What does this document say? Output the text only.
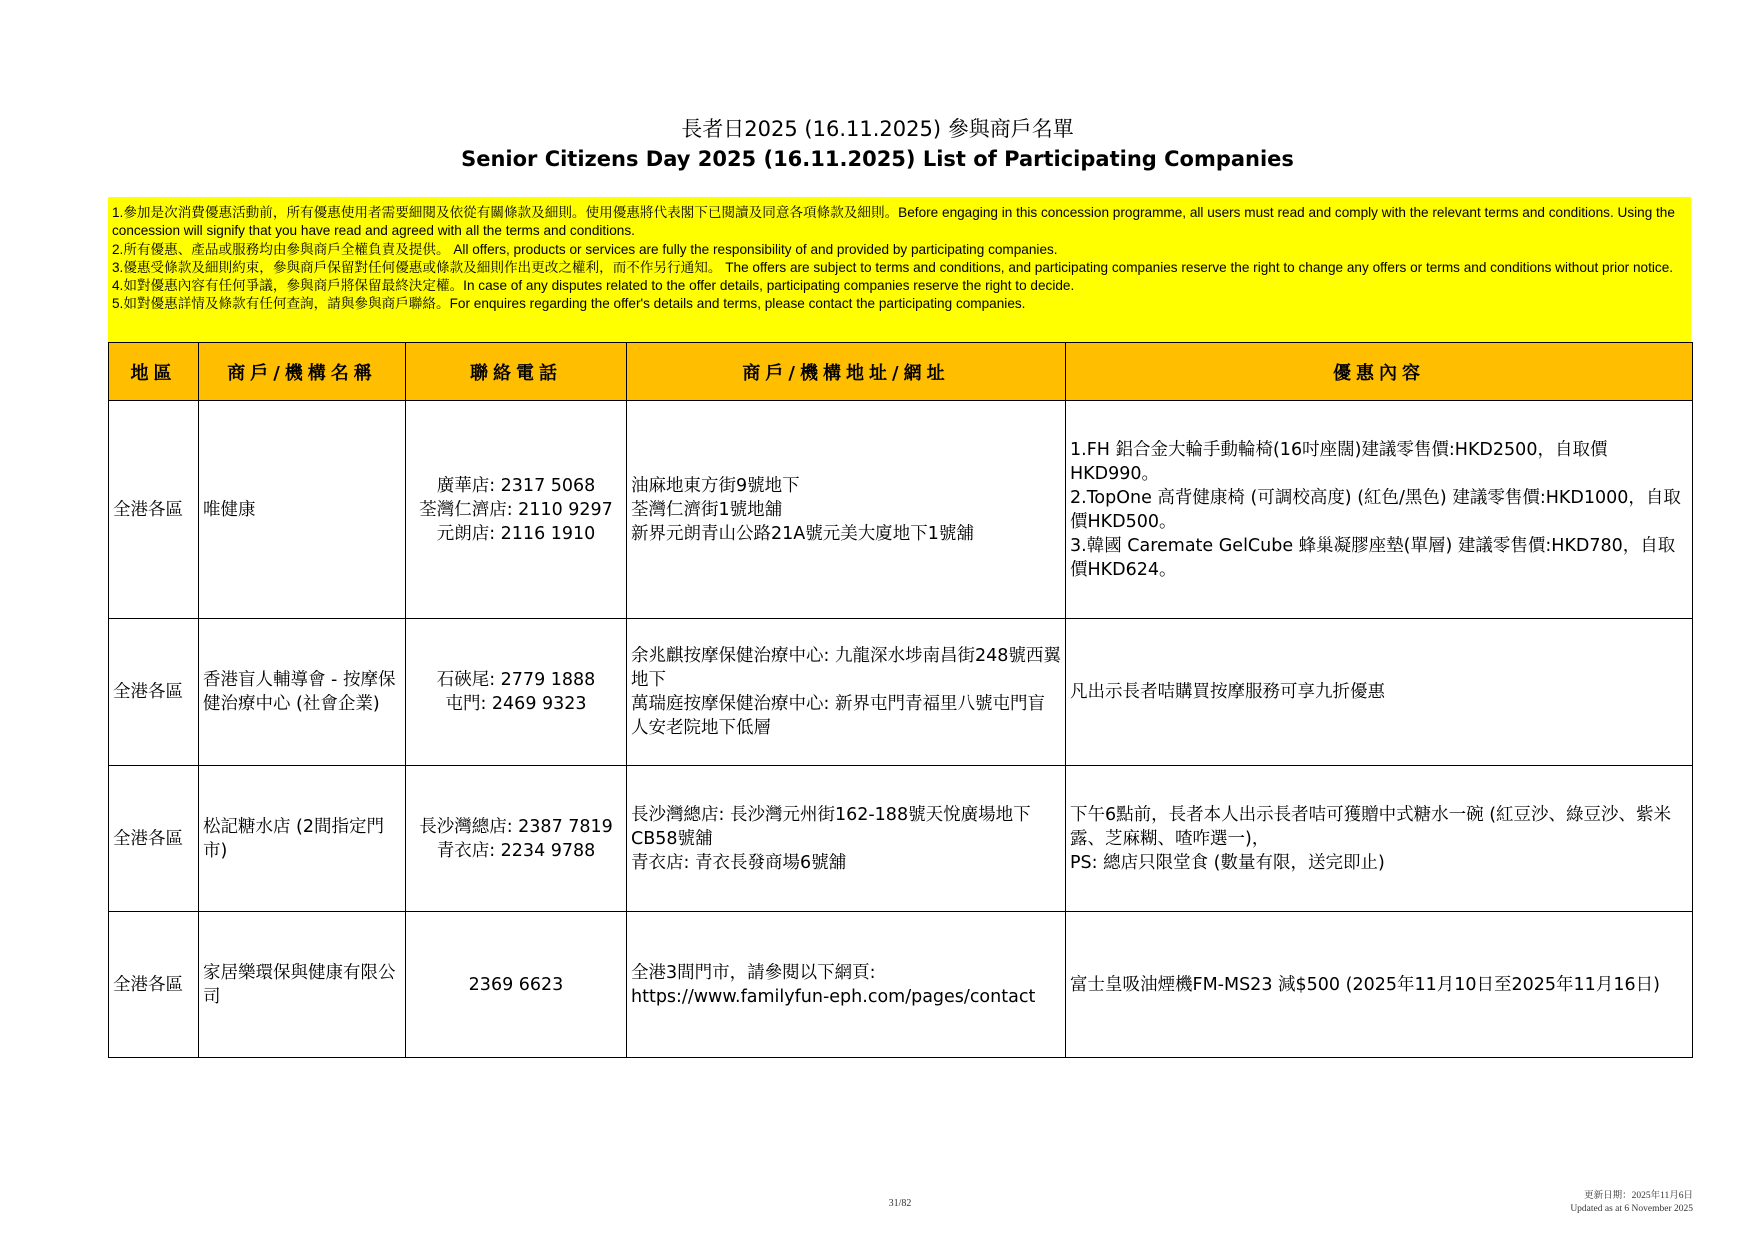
長者日2025 (16.11.2025) 參與商戶名單
Senior Citizens Day 2025 (16.11.2025) List of Participating Companies
1.參加是次消費優惠活動前，所有優惠使用者需要細閱及依從有關條款及細則。使用優惠將代表閣下已閱讀及同意各項條款及細則。Before engaging in this concession programme, all users must read and comply with the relevant terms and conditions. Using the concession will signify that you have read and agreed with all the terms and conditions.
2.所有優惠、產品或服務均由參與商戶全權負責及提供。 All offers, products or services are fully the responsibility of and provided by participating companies.
3.優惠受條款及細則約束，參與商戶保留對任何優惠或條款及細則作出更改之權利，而不作另行通知。 The offers are subject to terms and conditions, and participating companies reserve the right to change any offers or terms and conditions without prior notice.
4.如對優惠內容有任何爭議，參與商戶將保留最終決定權。In case of any disputes related to the offer details, participating companies reserve the right to decide.
5.如對優惠詳情及條款有任何查詢，請與參與商戶聯絡。For enquires regarding the offer's details and terms, please contact the participating companies.
地區	商戶/機構名稱	聯絡電話	商戶/機構地址/網址	優惠內容
全港各區	唯健康	廣華店: 2317 5068
荃灣仁濟店: 2110 9297
元朗店: 2116 1910	油麻地東方街9號地下
荃灣仁濟街1號地舖
新界元朗青山公路21A號元美大廈地下1號舖	1.FH 鋁合金大輪手動輪椅(16吋座闊)建議零售價:HKD2500，自取價HKD990。
2.TopOne 高背健康椅 (可調校高度) (紅色/黑色) 建議零售價:HKD1000，自取價HKD500。
3.韓國 Caremate GelCube 蜂巢凝膠座墊(單層) 建議零售價:HKD780，自取價HKD624。

全港各區	香港盲人輔導會 - 按摩保健治療中心 (社會企業)	石硤尾: 2779 1888
屯門: 2469 9323	余兆麒按摩保健治療中心: 九龍深水埗南昌街248號西翼地下
萬瑞庭按摩保健治療中心: 新界屯門青福里八號屯門盲人安老院地下低層	凡出示長者咭購買按摩服務可享九折優惠

全港各區	松記糖水店 (2間指定門市)	長沙灣總店: 2387 7819
青衣店: 2234 9788	長沙灣總店: 長沙灣元州街162-188號天悅廣場地下CB58號舖
青衣店: 青衣長發商場6號舖	下午6點前，長者本人出示長者咭可獲贈中式糖水一碗 (紅豆沙、綠豆沙、紫米露、芝麻糊、喳咋選一)，
PS: 總店只限堂食 (數量有限，送完即止)

全港各區	家居樂環保與健康有限公司	2369 6623	全港3間門市，請參閱以下網頁:
https://www.familyfun-eph.com/pages/contact	富士皇吸油煙機FM-MS23 減$500 (2025年11月10日至2025年11月16日)
31/82
更新日期：2025年11月6日
Updated as at 6 November 2025
